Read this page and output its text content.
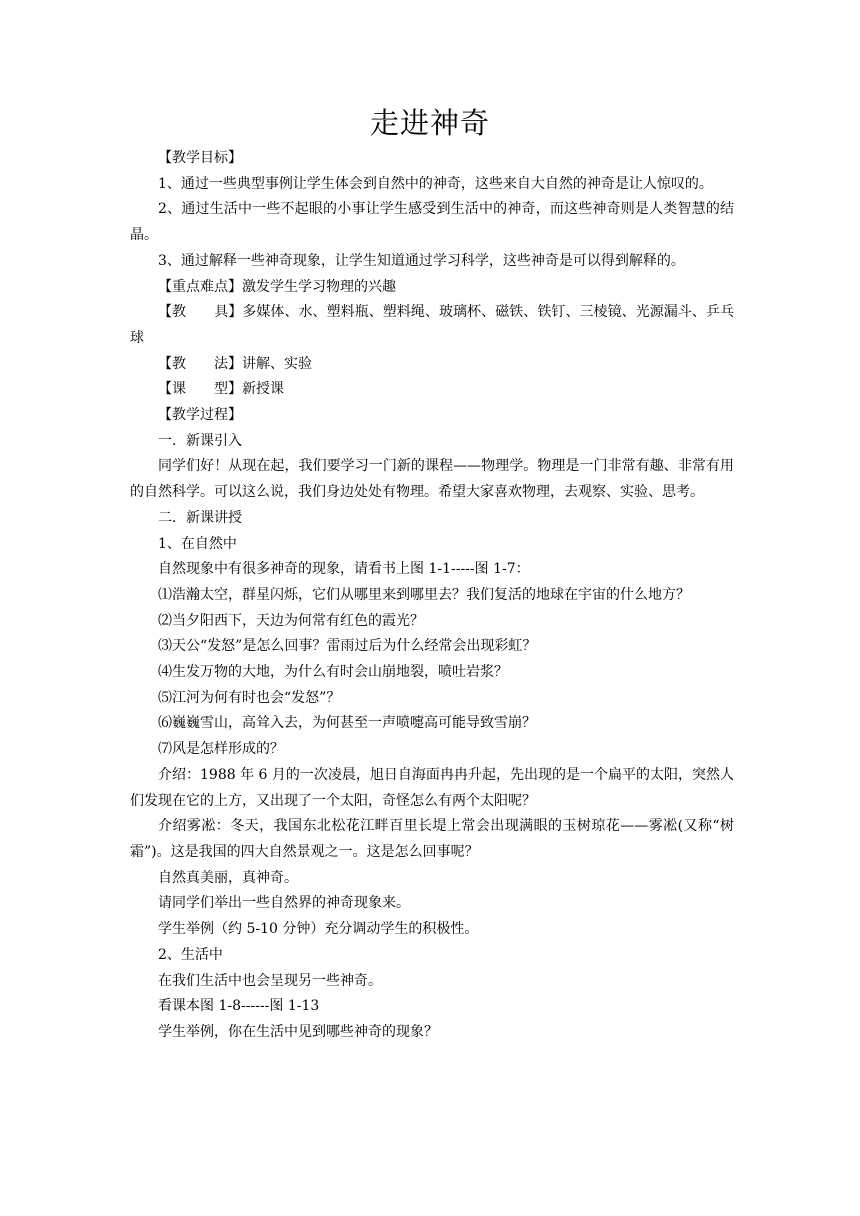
走进神奇

【教学目标】

1、通过一些典型事例让学生体会到自然中的神奇，这些来自大自然的神奇是让人惊叹的。

2、通过生活中一些不起眼的小事让学生感受到生活中的神奇，而这些神奇则是人类智慧的结晶。

3、通过解释一些神奇现象，让学生知道通过学习科学，这些神奇是可以得到解释的。

【重点难点】激发学生学习物理的兴趣

【教　　具】多媒体、水、塑料瓶、塑料绳、玻璃杯、磁铁、铁钉、三棱镜、光源漏斗、乒乓球

【教　　法】讲解、实验

【课　　型】新授课

【教学过程】

一．新课引入

同学们好！从现在起，我们要学习一门新的课程——物理学。物理是一门非常有趣、非常有用的自然科学。可以这么说，我们身边处处有物理。希望大家喜欢物理，去观察、实验、思考。

二．新课讲授

1、在自然中

自然现象中有很多神奇的现象，请看书上图 1-1-----图 1-7：

⑴浩瀚太空，群星闪烁，它们从哪里来到哪里去？我们复活的地球在宇宙的什么地方？

⑵当夕阳西下，天边为何常有红色的霞光？

⑶天公“发怒”是怎么回事？雷雨过后为什么经常会出现彩虹？

⑷生发万物的大地，为什么有时会山崩地裂，喷吐岩浆？

⑸江河为何有时也会“发怒”？

⑹巍巍雪山，高耸入去，为何甚至一声喷嚏高可能导致雪崩？

⑺风是怎样形成的？

介绍：1988 年 6 月的一次凌晨，旭日自海面冉冉升起，先出现的是一个扁平的太阳，突然人们发现在它的上方，又出现了一个太阳，奇怪怎么有两个太阳呢？

介绍雾凇：冬天，我国东北松花江畔百里长堤上常会出现满眼的玉树琼花——雾凇(又称“树霜”)。这是我国的四大自然景观之一。这是怎么回事呢？

自然真美丽，真神奇。

请同学们举出一些自然界的神奇现象来。

学生举例（约 5-10 分钟）充分调动学生的积极性。

2、生活中

在我们生活中也会呈现另一些神奇。

看课本图 1-8------图 1-13

学生举例，你在生活中见到哪些神奇的现象？
